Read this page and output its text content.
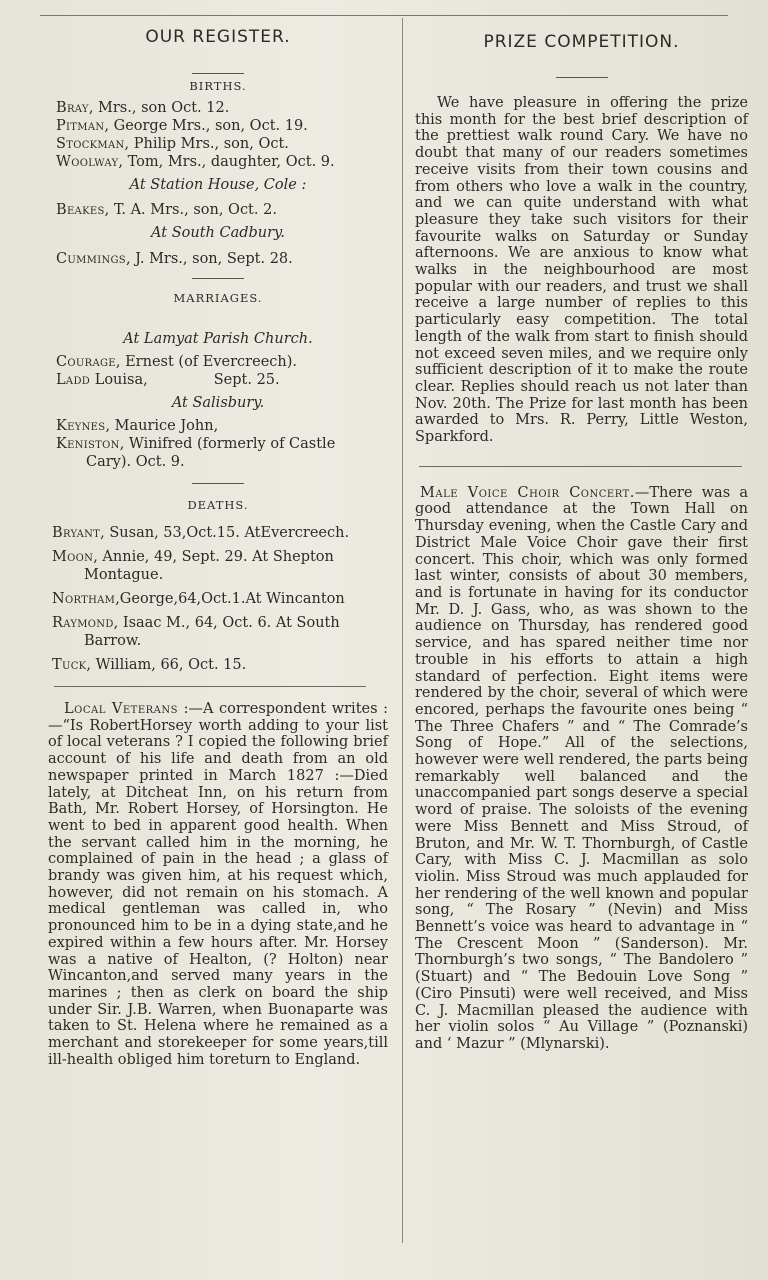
OUR REGISTER.

BIRTHS.

Bray, Mrs., son Oct. 12.

Pitman, George Mrs., son, Oct. 19.

Stockman, Philip Mrs., son, Oct.

Woolway, Tom, Mrs., daughter, Oct. 9.

At Station House, Cole :

Beakes, T. A. Mrs., son, Oct. 2.

At South Cadbury.

Cummings, J. Mrs., son, Sept. 28.

MARRIAGES.

At Lamyat Parish Church.

Courage, Ernest (of Evercreech).

Ladd Louisa,	Sept. 25.

At Salisbury.

Keynes, Maurice John,

Keniston, Winifred (formerly of Castle
Cary). Oct. 9.

DEATHS.

Bryant, Susan, 53,Oct.15. AtEvercreech.

Moon, Annie, 49, Sept. 29. At Shepton
Montague.

Northam,George,64,Oct.1.At Wincanton

Raymond, Isaac M., 64, Oct. 6. At South
Barrow.

Tuck, William, 66, Oct. 15.

Local Veterans :—A correspondent writes :—“Is RobertHorsey worth adding to your list of local veterans ? I copied the following brief account of his life and death from an old newspaper printed in March 1827 :—Died lately, at Ditcheat Inn, on his return from Bath, Mr. Robert Horsey, of Horsington. He went to bed in apparent good health. When the servant called him in the morning, he complained of pain in the head ; a glass of brandy was given him, at his request which, however, did not remain on his stomach. A medical gentleman was called in, who pronounced him to be in a dying state,and he expired within a few hours after. Mr. Horsey was a native of Healton, (? Holton) near Wincanton,and served many years in the marines ; then as clerk on board the ship under Sir. J.B. Warren, when Buonaparte was taken to St. Helena where he remained as a merchant and storekeeper for some years,till ill-health obliged him toreturn to England.

PRIZE COMPETITION.

We have pleasure in offering the prize this month for the best brief description of the prettiest walk round Cary. We have no doubt that many of our readers sometimes receive visits from their town cousins and from others who love a walk in the country, and we can quite understand with what pleasure they take such visitors for their favourite walks on Saturday or Sunday afternoons. We are anxious to know what walks in the neighbourhood are most popular with our readers, and trust we shall receive a large number of replies to this particularly easy competition. The total length of the walk from start to finish should not exceed seven miles, and we require only sufficient description of it to make the route clear. Replies should reach us not later than Nov. 20th. The Prize for last month has been awarded to Mrs. R. Perry, Little Weston, Sparkford.

Male Voice Choir Concert.—There was a good attendance at the Town Hall on Thursday evening, when the Castle Cary and District Male Voice Choir gave their first concert. This choir, which was only formed last winter, consists of about 30 members, and is fortunate in having for its conductor Mr. D. J. Gass, who, as was shown to the audience on Thursday, has rendered good service, and has spared neither time nor trouble in his efforts to attain a high standard of perfection. Eight items were rendered by the choir, several of which were encored, perhaps the favourite ones being “ The Three Chafers ” and “ The Comrade’s Song of Hope.” All of the selections, however were well rendered, the parts being remarkably well balanced and the unaccompanied part songs deserve a special word of praise. The soloists of the evening were Miss Bennett and Miss Stroud, of Bruton, and Mr. W. T. Thornburgh, of Castle Cary, with Miss C. J. Macmillan as solo violin. Miss Stroud was much applauded for her rendering of the well known and popular song, “ The Rosary ” (Nevin) and Miss Bennett’s voice was heard to advantage in “ The Crescent Moon ” (Sanderson). Mr. Thornburgh’s two songs, “ The Bandolero ” (Stuart) and “ The Bedouin Love Song ” (Ciro Pinsuti) were well received, and Miss C. J. Macmillan pleased the audience with her violin solos “ Au Village ” (Poznanski) and ‘ Mazur ” (Mlynarski).
